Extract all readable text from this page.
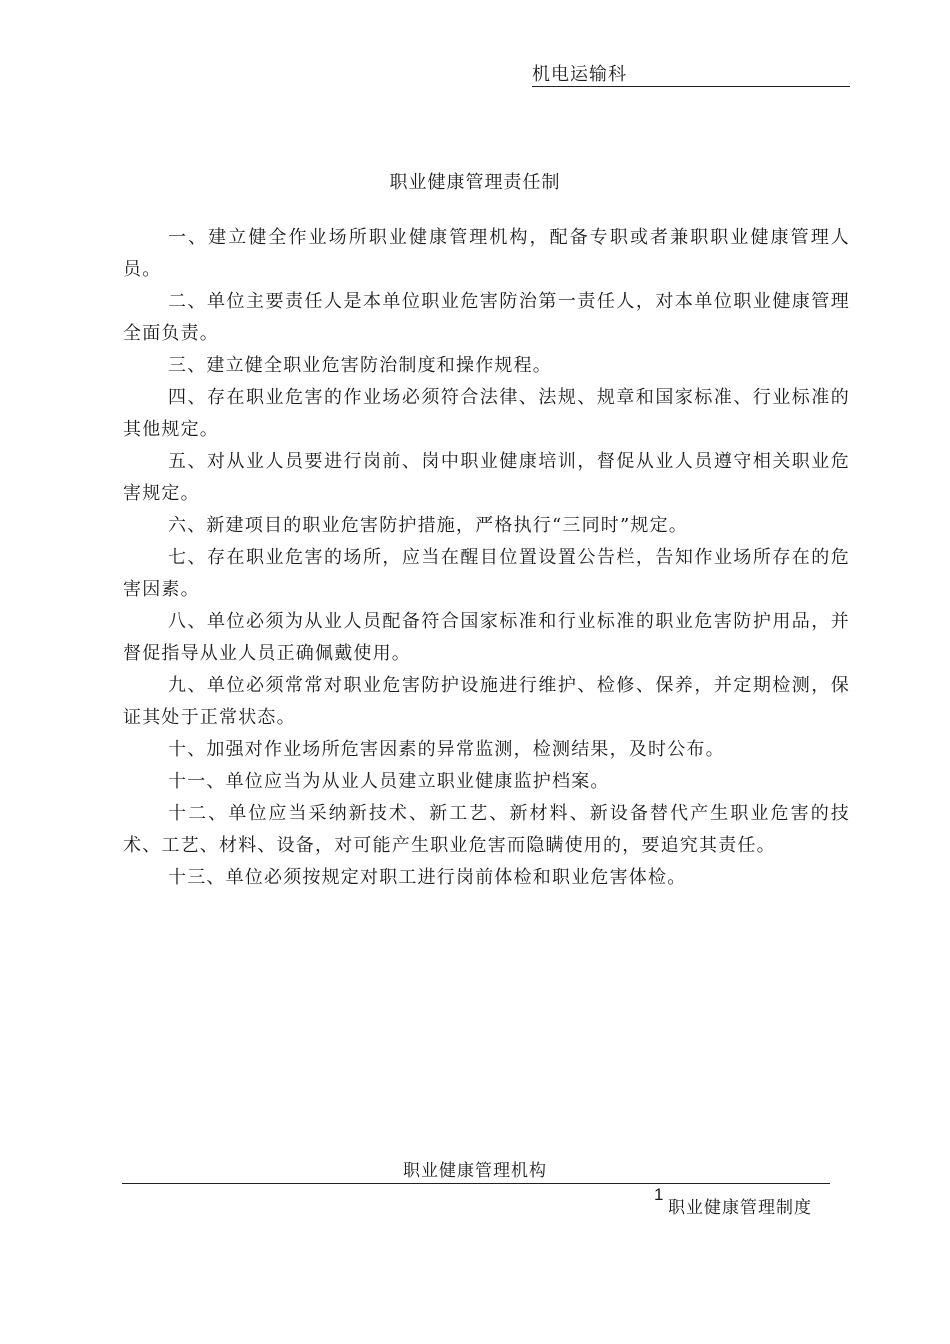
机电运输科
职业健康管理责任制

一、建立健全作业场所职业健康管理机构，配备专职或者兼职职业健康管理人员。

二、单位主要责任人是本单位职业危害防治第一责任人，对本单位职业健康管理全面负责。

三、建立健全职业危害防治制度和操作规程。

四、存在职业危害的作业场必须符合法律、法规、规章和国家标准、行业标准的其他规定。

五、对从业人员要进行岗前、岗中职业健康培训，督促从业人员遵守相关职业危害规定。

六、新建项目的职业危害防护措施，严格执行“三同时”规定。

七、存在职业危害的场所，应当在醒目位置设置公告栏，告知作业场所存在的危害因素。

八、单位必须为从业人员配备符合国家标准和行业标准的职业危害防护用品，并督促指导从业人员正确佩戴使用。

九、单位必须常常对职业危害防护设施进行维护、检修、保养，并定期检测，保证其处于正常状态。

十、加强对作业场所危害因素的异常监测，检测结果，及时公布。

十一、单位应当为从业人员建立职业健康监护档案。

十二、单位应当采纳新技术、新工艺、新材料、新设备替代产生职业危害的技术、工艺、材料、设备，对可能产生职业危害而隐瞒使用的，要追究其责任。

十三、单位必须按规定对职工进行岗前体检和职业危害体检。

职业健康管理机构
1
职业健康管理制度
